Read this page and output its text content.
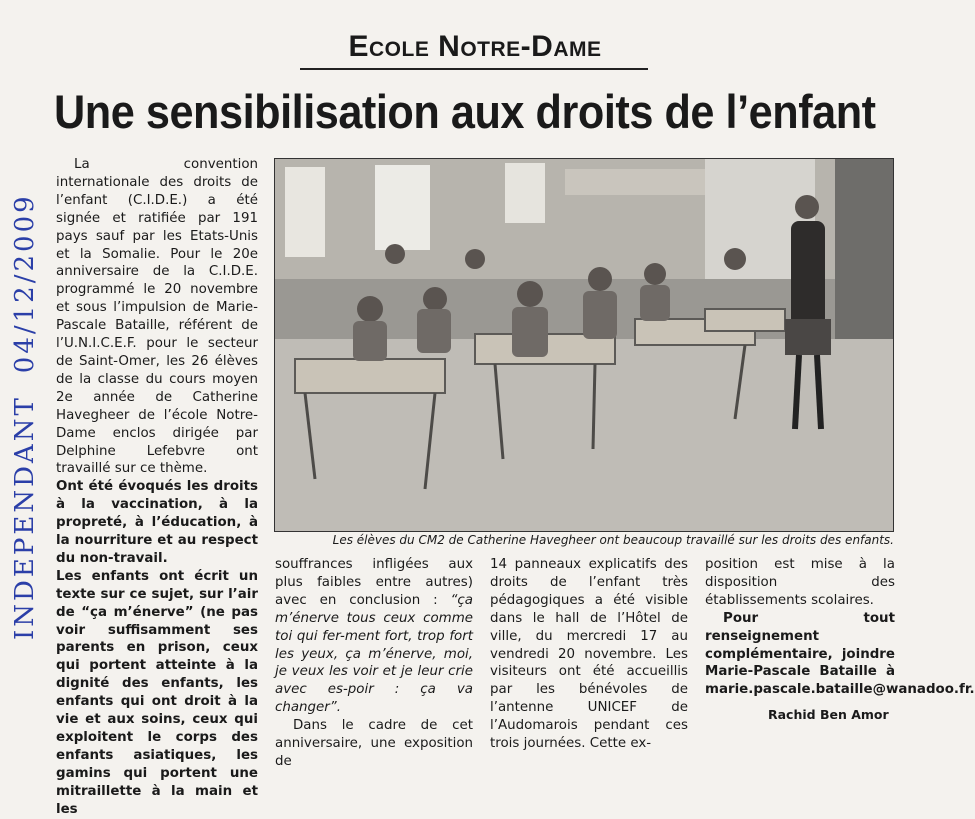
Ecole Notre-Dame
Une sensibilisation aux droits de l’enfant
INDEPENDANT04/12/2009

La convention internationale des droits de l’enfant (C.I.D.E.) a été signée et ratifiée par 191 pays sauf par les Etats-Unis et la Somalie. Pour le 20e anniversaire de la C.I.D.E. programmé le 20 novembre et sous l’impulsion de Marie-Pascale Bataille, référent de l’U.N.I.C.E.F. pour le secteur de Saint-Omer, les 26 élèves de la classe du cours moyen 2e année de Catherine Havegheer de l’école Notre-Dame enclos dirigée par Delphine Lefebvre ont travaillé sur ce thème.

Ont été évoqués les droits à la vaccination, à la propreté, à l’éducation, à la nourriture et au respect du non-travail.

Les enfants ont écrit un texte sur ce sujet, sur l’air de “ça m’énerve” (ne pas voir suffisamment ses parents en prison, ceux qui portent atteinte à la dignité des enfants, les enfants qui ont droit à la vie et aux soins, ceux qui exploitent le corps des enfants asiatiques, les gamins qui portent une mitraillette à la main et les

Les élèves du CM2 de Catherine Havegheer ont beaucoup travaillé sur les droits des enfants.

souffrances infligées aux plus faibles entre autres) avec en conclusion : “ça m’énerve tous ceux comme toi qui fer-ment fort, trop fort les yeux, ça m’énerve, moi, je veux les voir et je leur crie avec es-poir : ça va changer”.

Dans le cadre de cet anniversaire, une exposition de

14 panneaux explicatifs des droits de l’enfant très pédagogiques a été visible dans le hall de l’Hôtel de ville, du mercredi 17 au vendredi 20 novembre. Les visiteurs ont été accueillis par les bénévoles de l’antenne UNICEF de l’Audomarois pendant ces trois journées. Cette ex-

position est mise à la disposition des établissements scolaires.

Pour tout renseignement complémentaire, joindre Marie-Pascale Bataille à marie.pascale.bataille@wanadoo.fr.

Rachid Ben Amor
